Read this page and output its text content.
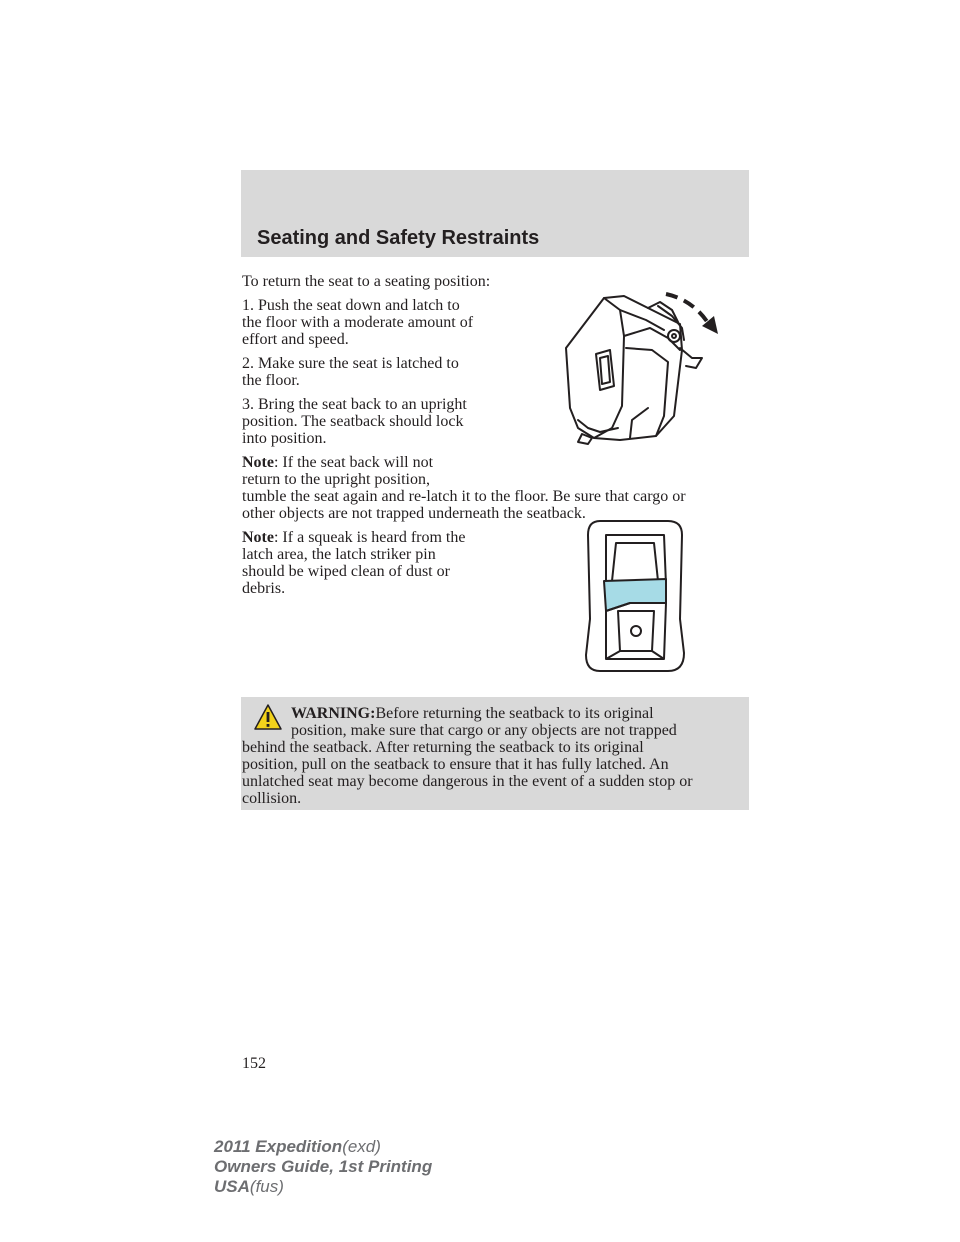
Seating and Safety Restraints

To return the seat to a seating position:

1. Push the seat down and latch to

the floor with a moderate amount of

effort and speed.

2. Make sure the seat is latched to

the floor.

3. Bring the seat back to an upright

position. The seatback should lock

into position.

Note: If the seat back will not

return to the upright position,

tumble the seat again and re-latch it to the floor. Be sure that cargo or

other objects are not trapped underneath the seatback.

Note: If a squeak is heard from the

latch area, the latch striker pin

should be wiped clean of dust or

debris.

WARNING:Before returning the seatback to its original

position, make sure that cargo or any objects are not trapped

behind the seatback. After returning the seatback to its original

position, pull on the seatback to ensure that it has fully latched. An

unlatched seat may become dangerous in the event of a sudden stop or

collision.

152

2011 Expedition(exd)
Owners Guide, 1st Printing
USA(fus)
